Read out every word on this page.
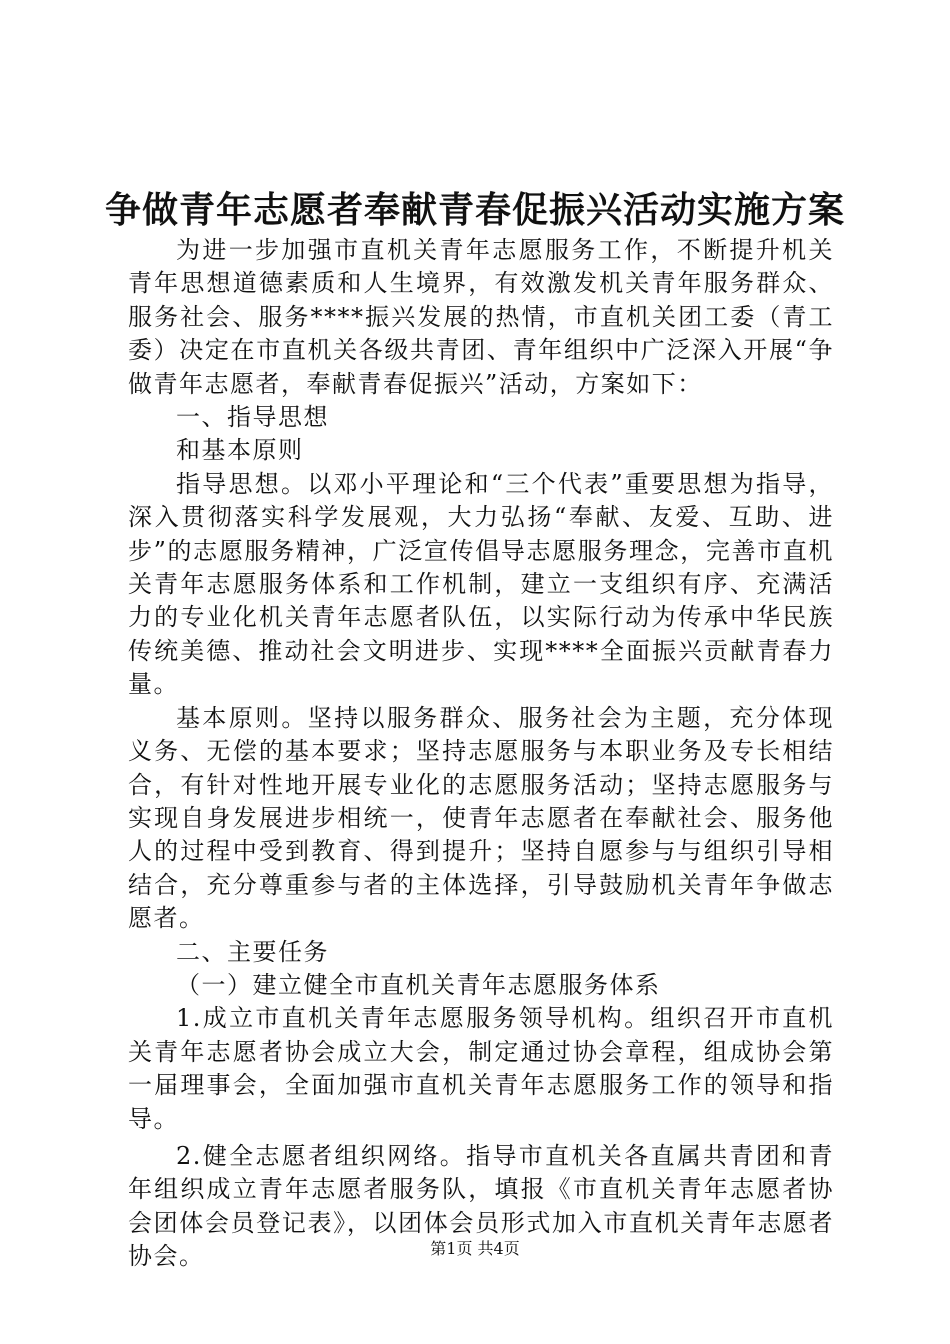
争做青年志愿者奉献青春促振兴活动实施方案

为进一步加强市直机关青年志愿服务工作，不断提升机关青年思想道德素质和人生境界，有效激发机关青年服务群众、服务社会、服务****振兴发展的热情，市直机关团工委（青工委）决定在市直机关各级共青团、青年组织中广泛深入开展“争做青年志愿者，奉献青春促振兴”活动，方案如下：

一、指导思想

和基本原则

指导思想。以邓小平理论和“三个代表”重要思想为指导，深入贯彻落实科学发展观，大力弘扬“奉献、友爱、互助、进步”的志愿服务精神，广泛宣传倡导志愿服务理念，完善市直机关青年志愿服务体系和工作机制，建立一支组织有序、充满活力的专业化机关青年志愿者队伍，以实际行动为传承中华民族传统美德、推动社会文明进步、实现****全面振兴贡献青春力量。

基本原则。坚持以服务群众、服务社会为主题，充分体现义务、无偿的基本要求；坚持志愿服务与本职业务及专长相结合，有针对性地开展专业化的志愿服务活动；坚持志愿服务与实现自身发展进步相统一，使青年志愿者在奉献社会、服务他人的过程中受到教育、得到提升；坚持自愿参与与组织引导相结合，充分尊重参与者的主体选择，引导鼓励机关青年争做志愿者。

二、主要任务

（一）建立健全市直机关青年志愿服务体系

1.成立市直机关青年志愿服务领导机构。组织召开市直机关青年志愿者协会成立大会，制定通过协会章程，组成协会第一届理事会，全面加强市直机关青年志愿服务工作的领导和指导。

2.健全志愿者组织网络。指导市直机关各直属共青团和青年组织成立青年志愿者服务队，填报《市直机关青年志愿者协会团体会员登记表》，以团体会员形式加入市直机关青年志愿者协会。	第1页 共4页
